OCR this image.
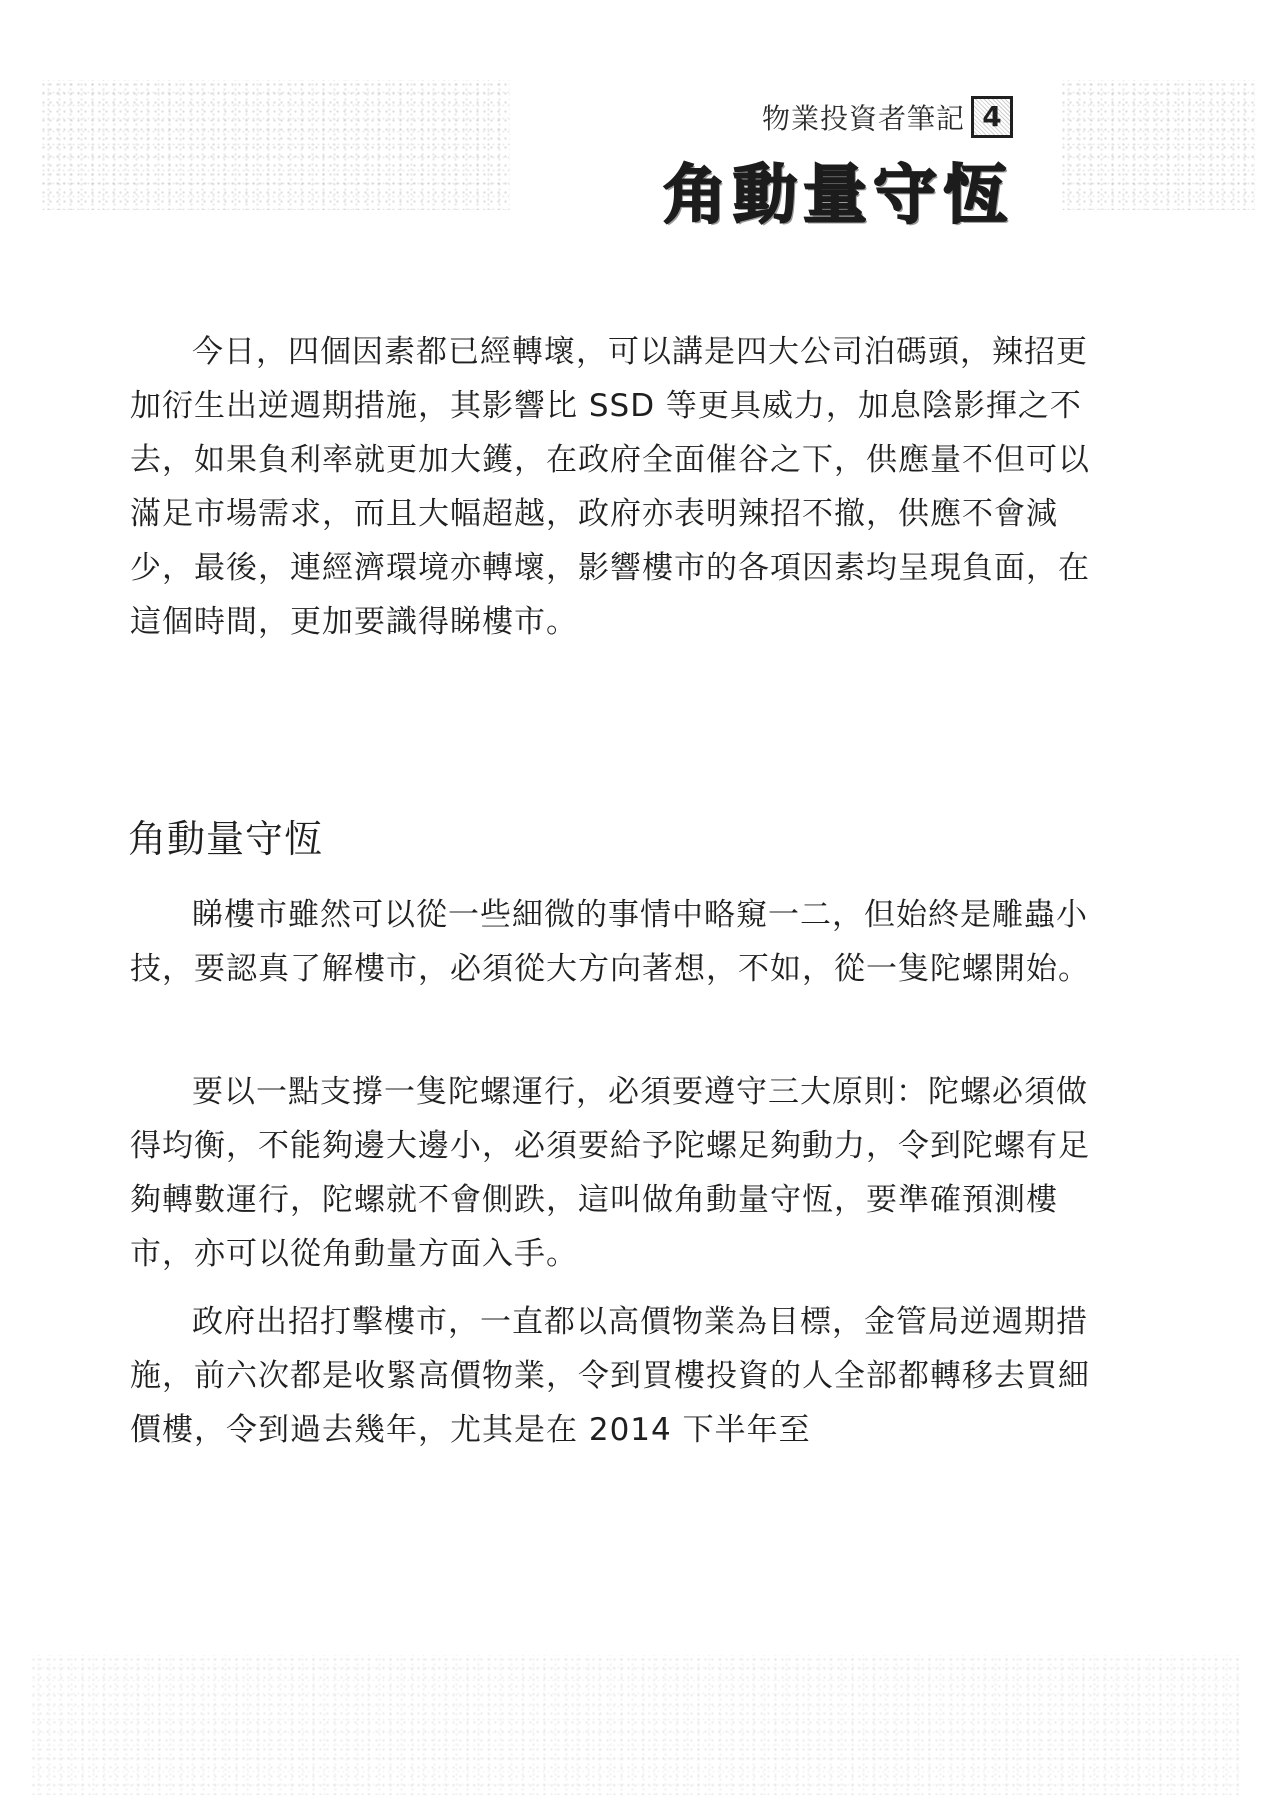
物業投資者筆記 4
角動量守恆

今日，四個因素都已經轉壞，可以講是四大公司泊碼頭，辣招更加衍生出逆週期措施，其影響比 SSD 等更具威力，加息陰影揮之不去，如果負利率就更加大鑊，在政府全面催谷之下，供應量不但可以滿足市場需求，而且大幅超越，政府亦表明辣招不撤，供應不會減少，最後，連經濟環境亦轉壞，影響樓市的各項因素均呈現負面，在這個時間，更加要識得睇樓市。

角動量守恆

睇樓市雖然可以從一些細微的事情中略窺一二，但始終是雕蟲小技，要認真了解樓市，必須從大方向著想，不如，從一隻陀螺開始。

要以一點支撐一隻陀螺運行，必須要遵守三大原則：陀螺必須做得均衡，不能夠邊大邊小，必須要給予陀螺足夠動力，令到陀螺有足夠轉數運行，陀螺就不會側跌，這叫做角動量守恆，要準確預測樓市，亦可以從角動量方面入手。

政府出招打擊樓市，一直都以高價物業為目標，金管局逆週期措施，前六次都是收緊高價物業，令到買樓投資的人全部都轉移去買細價樓，令到過去幾年，尤其是在 2014 下半年至
